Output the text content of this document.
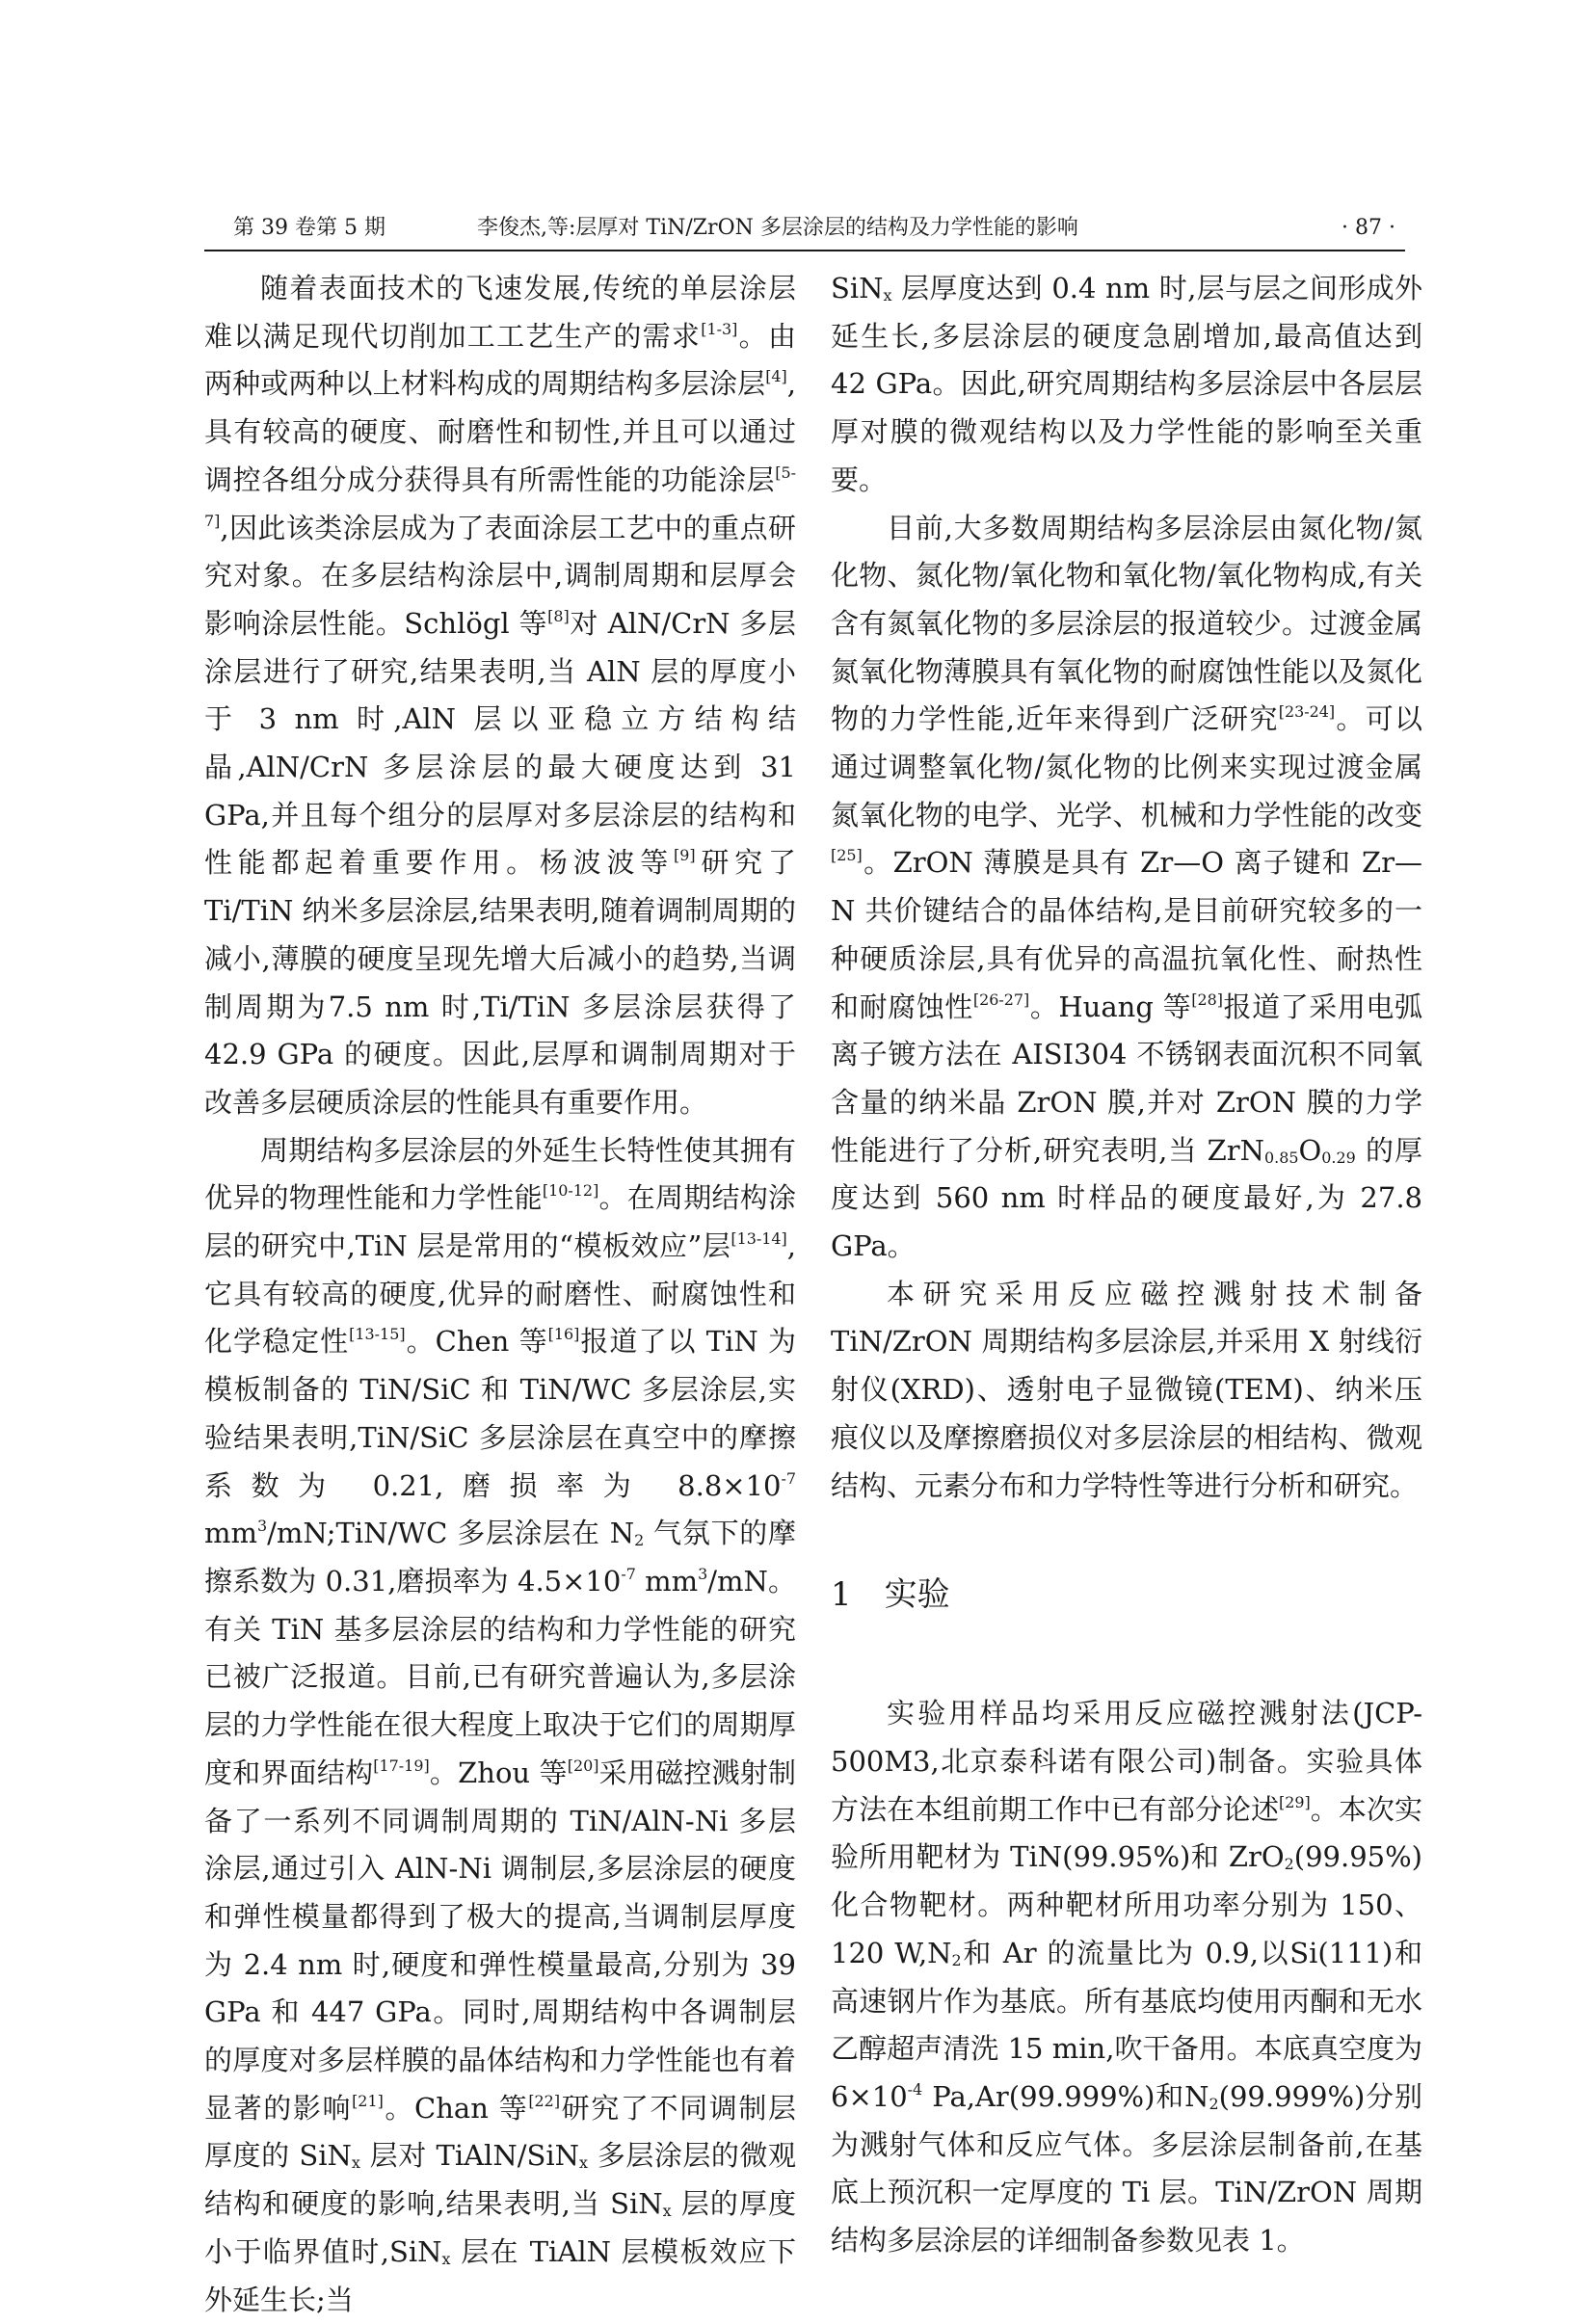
第 39 卷第 5 期	李俊杰,等:层厚对 TiN/ZrON 多层涂层的结构及力学性能的影响	· 87 ·

随着表面技术的飞速发展,传统的单层涂层难以满足现代切削加工工艺生产的需求[1-3]。由两种或两种以上材料构成的周期结构多层涂层[4],具有较高的硬度、耐磨性和韧性,并且可以通过调控各组分成分获得具有所需性能的功能涂层[5-7],因此该类涂层成为了表面涂层工艺中的重点研究对象。在多层结构涂层中,调制周期和层厚会影响涂层性能。Schlögl 等[8]对 AlN/CrN 多层涂层进行了研究,结果表明,当 AlN 层的厚度小于 3 nm 时,AlN 层以亚稳立方结构结晶,AlN/CrN 多层涂层的最大硬度达到 31 GPa,并且每个组分的层厚对多层涂层的结构和性能都起着重要作用。杨波波等[9]研究了 Ti/TiN 纳米多层涂层,结果表明,随着调制周期的减小,薄膜的硬度呈现先增大后减小的趋势,当调制周期为7.5 nm 时,Ti/TiN 多层涂层获得了 42.9 GPa 的硬度。因此,层厚和调制周期对于改善多层硬质涂层的性能具有重要作用。

周期结构多层涂层的外延生长特性使其拥有优异的物理性能和力学性能[10-12]。在周期结构涂层的研究中,TiN 层是常用的“模板效应”层[13-14],它具有较高的硬度,优异的耐磨性、耐腐蚀性和化学稳定性[13-15]。Chen 等[16]报道了以 TiN 为模板制备的 TiN/SiC 和 TiN/WC 多层涂层,实验结果表明,TiN/SiC 多层涂层在真空中的摩擦系数为 0.21,磨损率为 $8.8\times 10^{-7}$ $mm^3/mN;TiN/WC$ 多层涂层在 $N_2$ 气氛下的摩擦系数为 0.31,磨损率为 $4.5\times 10^{-7}$ $mm^3/mN$。有关 TiN 基多层涂层的结构和力学性能的研究已被广泛报道。目前,已有研究普遍认为,多层涂层的力学性能在很大程度上取决于它们的周期厚度和界面结构[17-19]。Zhou 等[20]采用磁控溅射制备了一系列不同调制周期的 TiN/AlN-Ni 多层涂层,通过引入 AlN-Ni 调制层,多层涂层的硬度和弹性模量都得到了极大的提高,当调制层厚度为 2.4 nm 时,硬度和弹性模量最高,分别为 39 GPa 和 447 GPa。同时,周期结构中各调制层的厚度对多层样膜的晶体结构和力学性能也有着显著的影响[21]。Chan 等[22]研究了不同调制层厚度的 SiN$_x$ 层对 TiAlN/SiN$_x$ 多层涂层的微观结构和硬度的影响,结果表明,当 SiN$_x$ 层的厚度小于临界值时,SiN$_x$ 层在 TiAlN 层模板效应下外延生长;当

SiN$_x$ 层厚度达到 0.4 nm 时,层与层之间形成外延生长,多层涂层的硬度急剧增加,最高值达到 42 GPa。因此,研究周期结构多层涂层中各层层厚对膜的微观结构以及力学性能的影响至关重要。

目前,大多数周期结构多层涂层由氮化物/氮化物、氮化物/氧化物和氧化物/氧化物构成,有关含有氮氧化物的多层涂层的报道较少。过渡金属氮氧化物薄膜具有氧化物的耐腐蚀性能以及氮化物的力学性能,近年来得到广泛研究[23-24]。可以通过调整氧化物/氮化物的比例来实现过渡金属氮氧化物的电学、光学、机械和力学性能的改变[25]。ZrON 薄膜是具有 Zr—O 离子键和 Zr—N 共价键结合的晶体结构,是目前研究较多的一种硬质涂层,具有优异的高温抗氧化性、耐热性和耐腐蚀性[26-27]。Huang 等[28]报道了采用电弧离子镀方法在 AISI304 不锈钢表面沉积不同氧含量的纳米晶 ZrON 膜,并对 ZrON 膜的力学性能进行了分析,研究表明,当 $ZrN_{0.85}O_{0.29}$ 的厚度达到 560 nm 时样品的硬度最好,为 27.8 GPa。

本研究采用反应磁控溅射技术制备 TiN/ZrON 周期结构多层涂层,并采用 X 射线衍射仪(XRD)、透射电子显微镜(TEM)、纳米压痕仪以及摩擦磨损仪对多层涂层的相结构、微观结构、元素分布和力学特性等进行分析和研究。

1 实验

实验用样品均采用反应磁控溅射法(JCP-500M3,北京泰科诺有限公司)制备。实验具体方法在本组前期工作中已有部分论述[29]。本次实验所用靶材为 TiN(99.95%)和 ZrO$_2$(99.95%)化合物靶材。两种靶材所用功率分别为 150、120 $W,N_2$和 Ar 的流量比为 0.9,以Si(111)和高速钢片作为基底。所有基底均使用丙酮和无水乙醇超声清洗 15 min,吹干备用。本底真空度为 $6\times 10^{-4}$ Pa,Ar(99.999%)和$N_2(99.999\%)$分别为溅射气体和反应气体。多层涂层制备前,在基底上预沉积一定厚度的 Ti 层。TiN/ZrON 周期结构多层涂层的详细制备参数见表 1。
